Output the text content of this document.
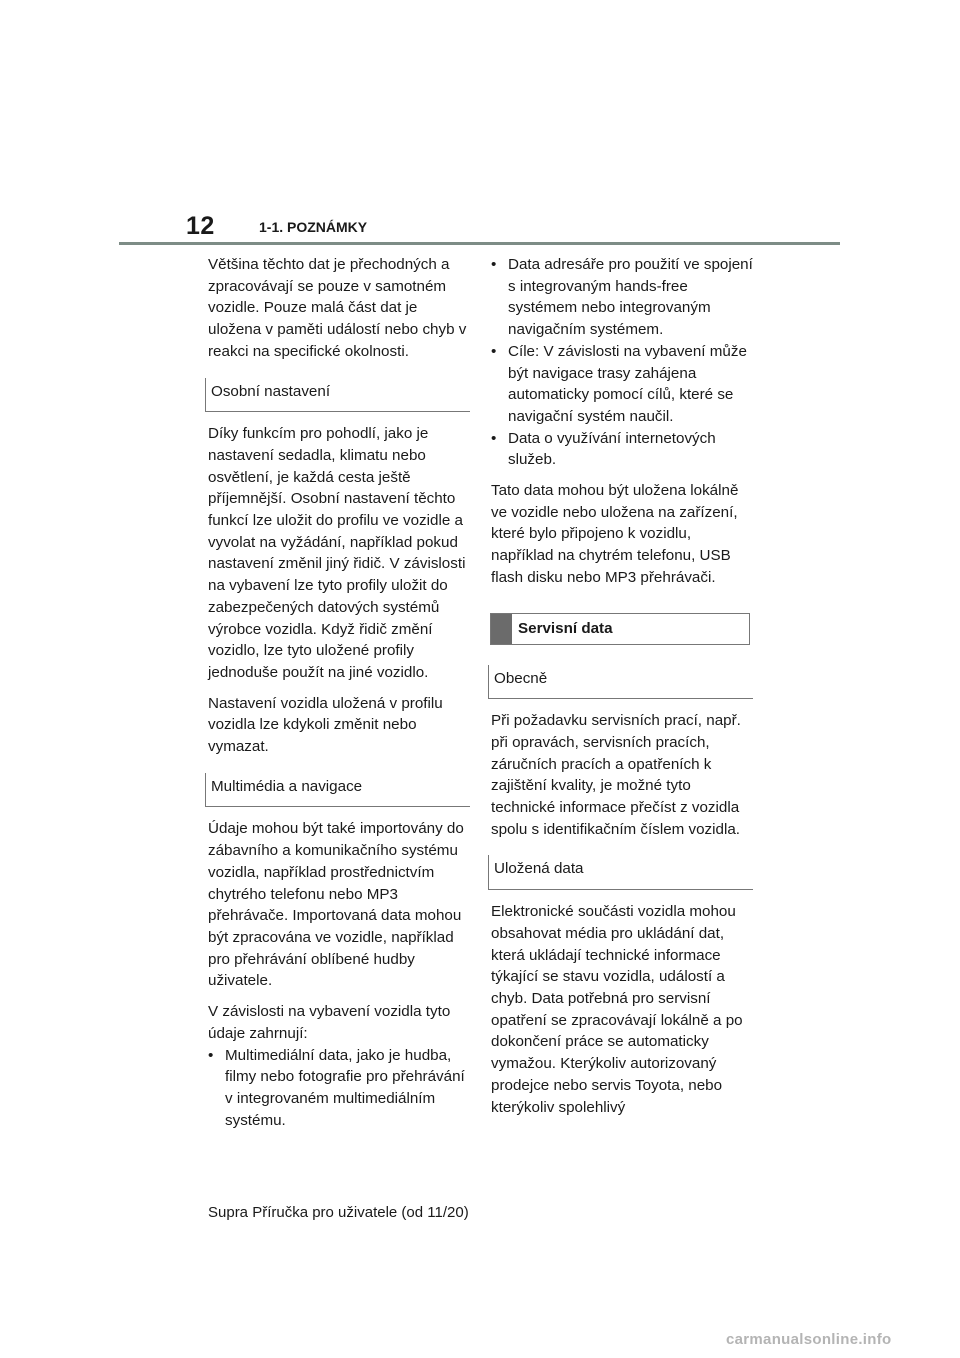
12	1-1. POZNÁMKY

Většina těchto dat je přechodných a zpracovávají se pouze v samotném vozidle. Pouze malá část dat je uložena v paměti událostí nebo chyb v reakci na specifické okolnosti.

Osobní nastavení

Díky funkcím pro pohodlí, jako je nastavení sedadla, klimatu nebo osvětlení, je každá cesta ještě příjemnější. Osobní nastavení těchto funkcí lze uložit do profilu ve vozidle a vyvolat na vyžádání, například pokud nastavení změnil jiný řidič. V závislosti na vybavení lze tyto profily uložit do zabezpečených datových systémů výrobce vozidla. Když řidič změní vozidlo, lze tyto uložené profily jednoduše použít na jiné vozidlo.

Nastavení vozidla uložená v profilu vozidla lze kdykoli změnit nebo vymazat.

Multimédia a navigace

Údaje mohou být také importovány do zábavního a komunikačního systému vozidla, například prostřednictvím chytrého telefonu nebo MP3 přehrávače. Importovaná data mohou být zpracována ve vozidle, například pro přehrávání oblíbené hudby uživatele.

V závislosti na vybavení vozidla tyto údaje zahrnují:

• Multimediální data, jako je hudba, filmy nebo fotografie pro přehrávání v integrovaném multimediálním systému.
• Data adresáře pro použití ve spojení s integrovaným hands-free systémem nebo integrovaným navigačním systémem.
• Cíle: V závislosti na vybavení může být navigace trasy zahájena automaticky pomocí cílů, které se navigační systém naučil.
• Data o využívání internetových služeb.

Tato data mohou být uložena lokálně ve vozidle nebo uložena na zařízení, které bylo připojeno k vozidlu, například na chytrém telefonu, USB flash disku nebo MP3 přehrávači.

Servisní data
Obecně

Při požadavku servisních prací, např. při opravách, servisních pracích, záručních pracích a opatřeních k zajištění kvality, je možné tyto technické informace přečíst z vozidla spolu s identifikačním číslem vozidla.

Uložená data

Elektronické součásti vozidla mohou obsahovat média pro ukládání dat, která ukládají technické informace týkající se stavu vozidla, událostí a chyb. Data potřebná pro servisní opatření se zpracovávají lokálně a po dokončení práce se automaticky vymažou. Kterýkoliv autorizovaný prodejce nebo servis Toyota, nebo kterýkoliv spolehlivý

Supra Příručka pro uživatele (od 11/20)
carmanualsonline.info
